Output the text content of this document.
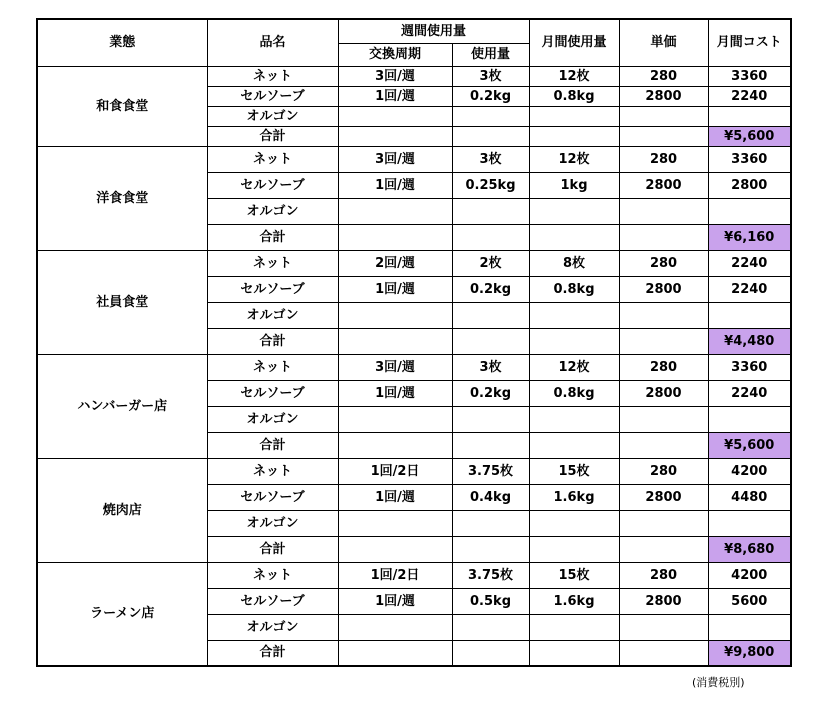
業態	品名	週間使用量		月間使用量	単価	月間コスト
		交換周期	使用量			
和食食堂	ネット	3回/週	3枚	12枚	280	3360
	セルソーブ	1回/週	0.2kg	0.8kg	2800	2240
	オルゴン					
	合計					¥5,600
洋食食堂	ネット	3回/週	3枚	12枚	280	3360
	セルソーブ	1回/週	0.25kg	1kg	2800	2800
	オルゴン					
	合計					¥6,160
社員食堂	ネット	2回/週	2枚	8枚	280	2240
	セルソーブ	1回/週	0.2kg	0.8kg	2800	2240
	オルゴン					
	合計					¥4,480
ハンバーガー店	ネット	3回/週	3枚	12枚	280	3360
	セルソーブ	1回/週	0.2kg	0.8kg	2800	2240
	オルゴン					
	合計					¥5,600
焼肉店	ネット	1回/2日	3.75枚	15枚	280	4200
	セルソーブ	1回/週	0.4kg	1.6kg	2800	4480
	オルゴン					
	合計					¥8,680
ラーメン店	ネット	1回/2日	3.75枚	15枚	280	4200
	セルソーブ	1回/週	0.5kg	1.6kg	2800	5600
	オルゴン					
	合計					¥9,800
(消費税別)
